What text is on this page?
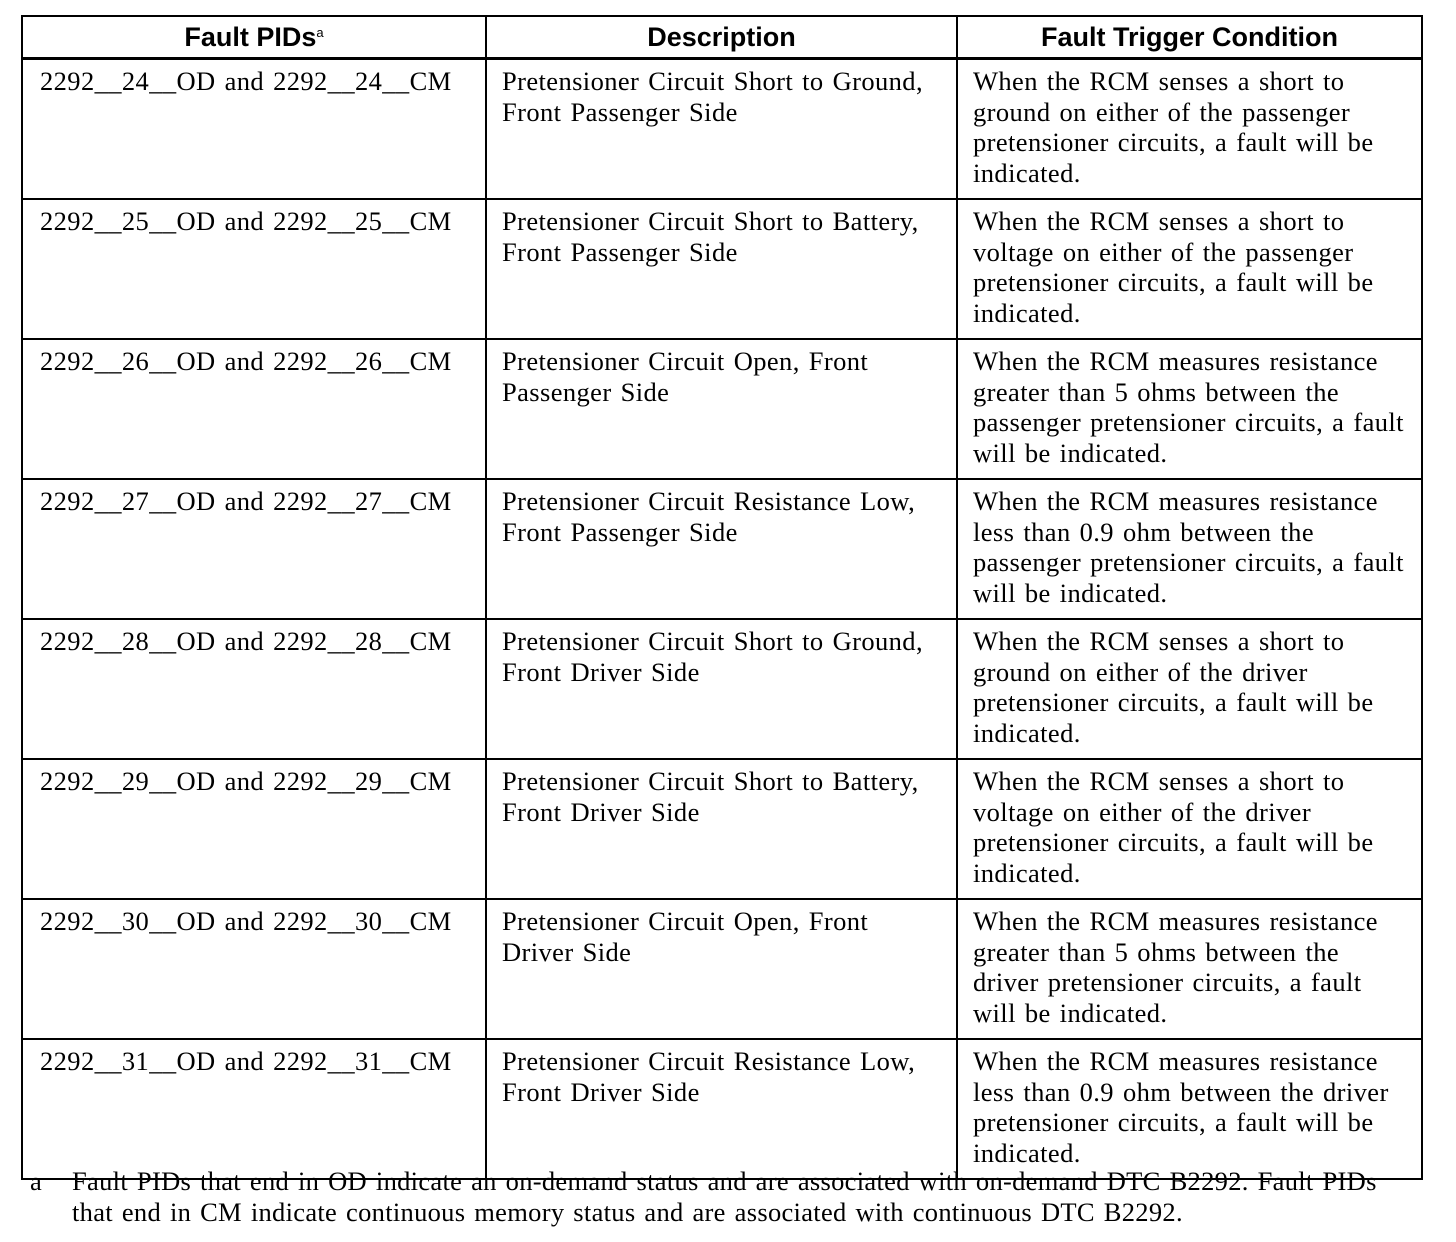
Fault PIDs$^a$	Description	Fault Trigger Condition
2292__24__OD and 2292__24__CM	Pretensioner Circuit Short to Ground, Front Passenger Side	When the RCM senses a short to ground on either of the passenger pretensioner circuits, a fault will be indicated.
2292__25__OD and 2292__25__CM	Pretensioner Circuit Short to Battery, Front Passenger Side	When the RCM senses a short to voltage on either of the passenger pretensioner circuits, a fault will be indicated.
2292__26__OD and 2292__26__CM	Pretensioner Circuit Open, Front Passenger Side	When the RCM measures resistance greater than 5 ohms between the passenger pretensioner circuits, a fault will be indicated.
2292__27__OD and 2292__27__CM	Pretensioner Circuit Resistance Low, Front Passenger Side	When the RCM measures resistance less than 0.9 ohm between the passenger pretensioner circuits, a fault will be indicated.
2292__28__OD and 2292__28__CM	Pretensioner Circuit Short to Ground, Front Driver Side	When the RCM senses a short to ground on either of the driver pretensioner circuits, a fault will be indicated.
2292__29__OD and 2292__29__CM	Pretensioner Circuit Short to Battery, Front Driver Side	When the RCM senses a short to voltage on either of the driver pretensioner circuits, a fault will be indicated.
2292__30__OD and 2292__30__CM	Pretensioner Circuit Open, Front Driver Side	When the RCM measures resistance greater than 5 ohms between the driver pretensioner circuits, a fault will be indicated.
2292__31__OD and 2292__31__CM	Pretensioner Circuit Resistance Low, Front Driver Side	When the RCM measures resistance less than 0.9 ohm between the driver pretensioner circuits, a fault will be indicated.
a Fault PIDs that end in OD indicate an on-demand status and are associated with on-demand DTC B2292. Fault PIDs that end in CM indicate continuous memory status and are associated with continuous DTC B2292.
